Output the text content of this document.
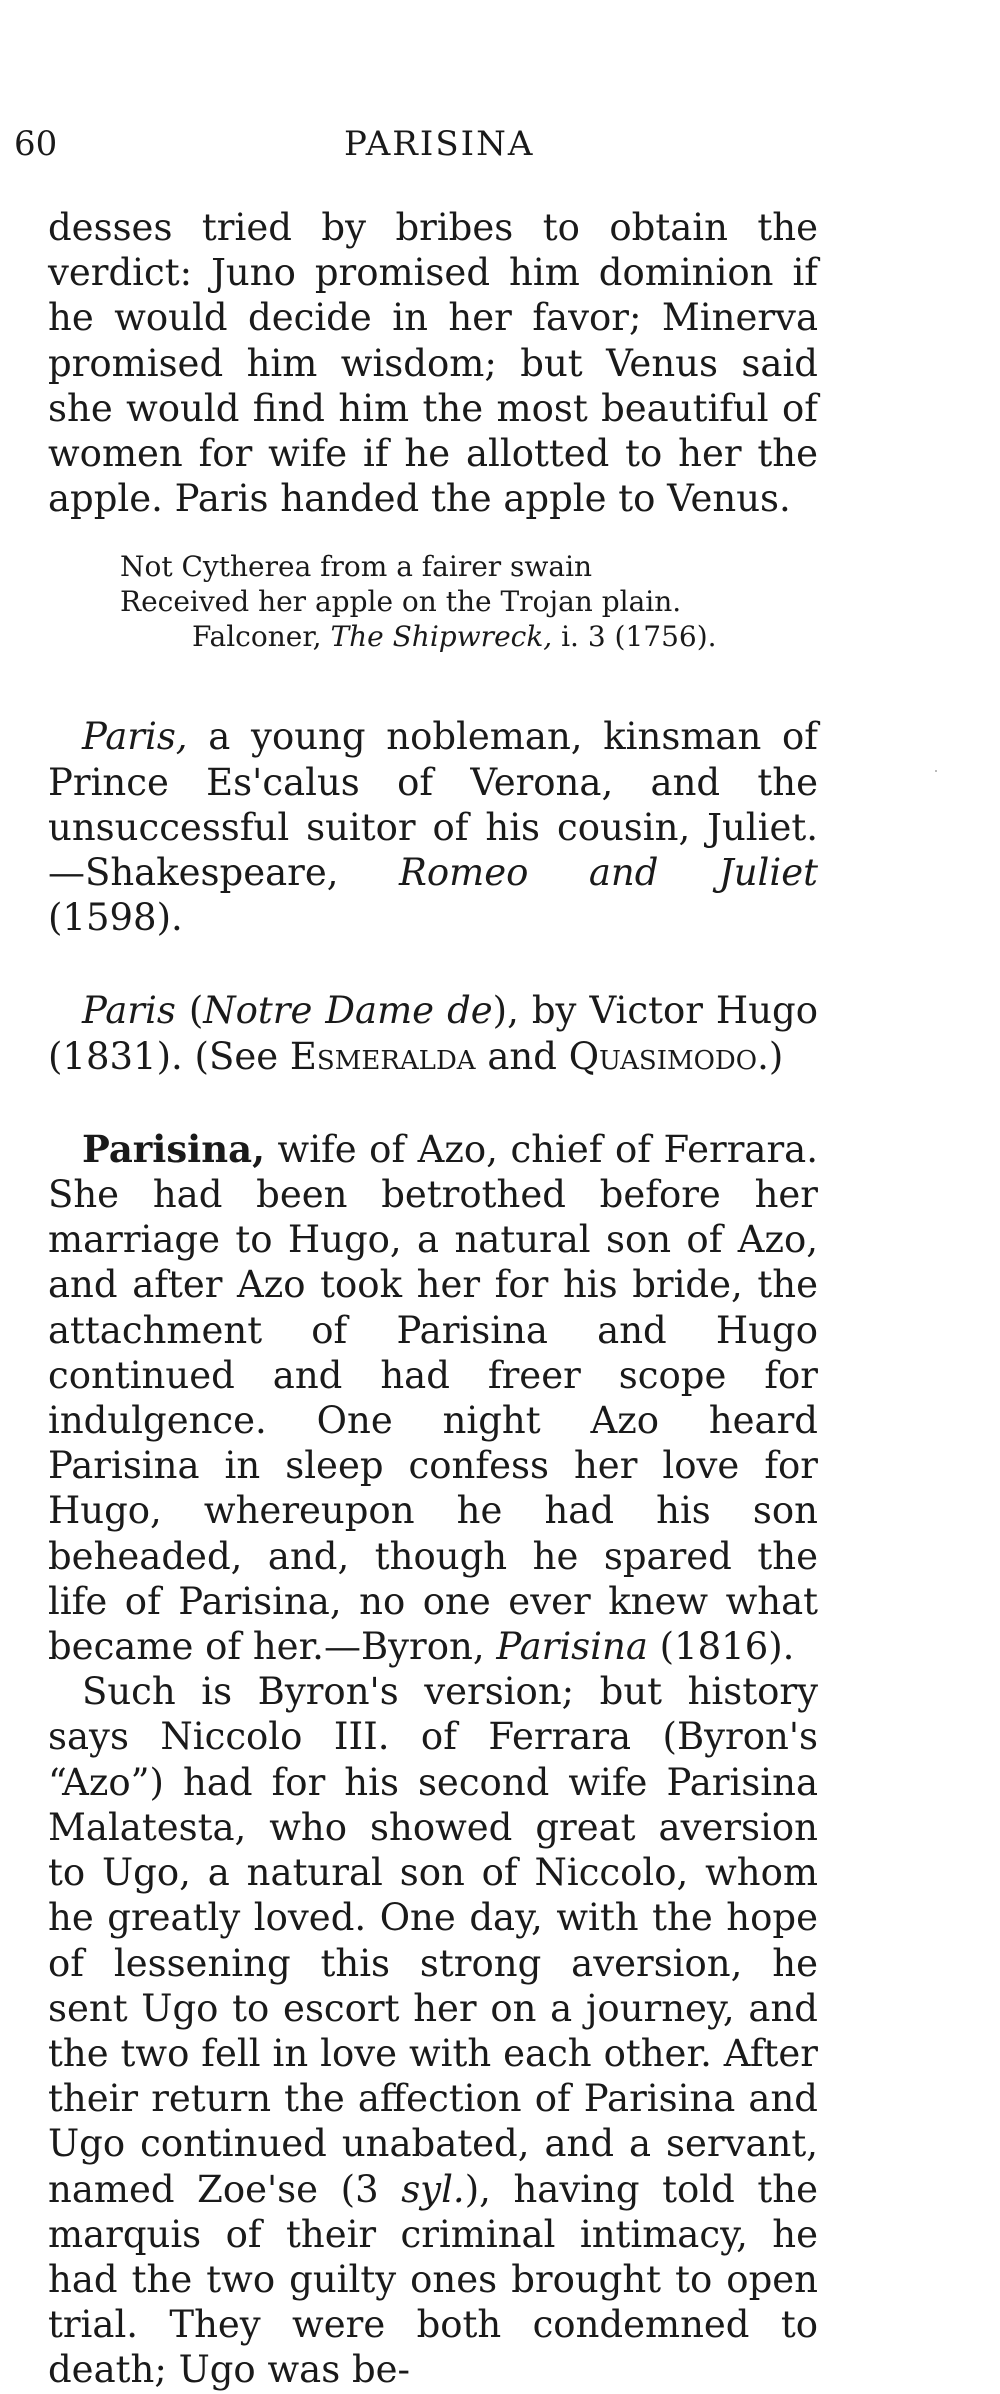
60	PARISINA

desses tried by bribes to obtain the verdict: Juno promised him dominion if he would decide in her favor; Minerva promised him wisdom; but Venus said she would find him the most beautiful of women for wife if he allotted to her the apple. Paris handed the apple to Venus.

Not Cytherea from a fairer swain
Received her apple on the Trojan plain.
Falconer, The Shipwreck, i. 3 (1756).

Paris, a young nobleman, kinsman of Prince Es'calus of Verona, and the unsuccessful suitor of his cousin, Juliet.—Shakespeare, Romeo and Juliet (1598).

Paris (Notre Dame de), by Victor Hugo (1831). (See Esmeralda and Quasimodo.)

Parisina, wife of Azo, chief of Ferrara. She had been betrothed before her marriage to Hugo, a natural son of Azo, and after Azo took her for his bride, the attachment of Parisina and Hugo continued and had freer scope for indulgence. One night Azo heard Parisina in sleep confess her love for Hugo, whereupon he had his son beheaded, and, though he spared the life of Parisina, no one ever knew what became of her.—Byron, Parisina (1816).

Such is Byron's version; but history says Niccolo III. of Ferrara (Byron's “Azo”) had for his second wife Parisina Malatesta, who showed great aversion to Ugo, a natural son of Niccolo, whom he greatly loved. One day, with the hope of lessening this strong aversion, he sent Ugo to escort her on a journey, and the two fell in love with each other. After their return the affection of Parisina and Ugo continued unabated, and a servant, named Zoe'se (3 syl.), having told the marquis of their criminal intimacy, he had the two guilty ones brought to open trial. They were both condemned to death; Ugo was be-
